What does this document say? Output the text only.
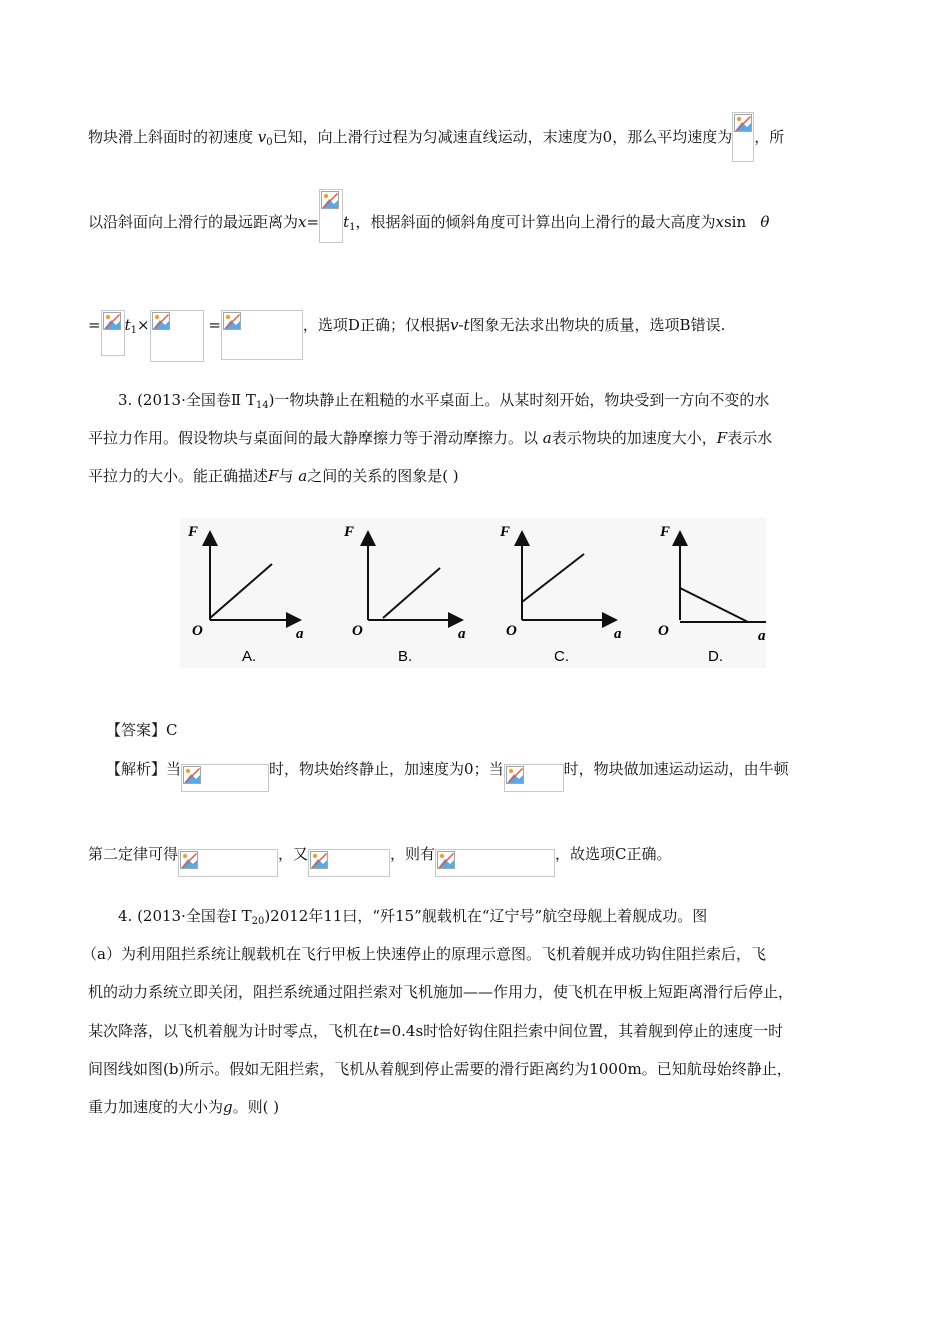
物块滑上斜面时的初速度 $v_0$已知，向上滑行过程为匀减速直线运动，末速度为0，那么平均速度为 ，所
以沿斜面向上滑行的最远距离为$x= t_1$，根据斜面的倾斜角度可计算出向上滑行的最大高度为xsin θ
= $t_1\times$	=	，选项D正确；仅根据v-t图象无法求出物块的质量，选项B错误.
3. (2013·全国卷Ⅱ $T_{14}$)一物块静止在粗糙的水平桌面上。从某时刻开始，物块受到一方向不变的水
平拉力作用。假设物块与桌面间的最大静摩擦力等于滑动摩擦力。以 a表示物块的加速度大小，F表示水
平拉力的大小。能正确描述F与 a之间的关系的图象是( )
F
O	a
A.
F
O	a
B.
F
O	a
C.
F
O	a
D.
【答案】C
【解析】当	时，物块始终静止，加速度为0；当	时，物块做加速运动运动，由牛顿
第二定律可得	，又	，则有	，故选项C正确。
4. (2013·全国卷Ⅰ $T_{20})2012$年11曰，“歼15”舰载机在“辽宁号”航空母舰上着舰成功。图
（a）为利用阻拦系统让舰载机在飞行甲板上快速停止的原理示意图。飞机着舰并成功钩住阻拦索后，飞
机的动力系统立即关闭，阻拦系统通过阻拦索对飞机施加——作用力，使飞机在甲板上短距离滑行后停止，
某次降落，以飞机着舰为计时零点，飞机在t=0.4s时恰好钩住阻拦索中间位置，其着舰到停止的速度一时
间图线如图(b)所示。假如无阻拦索，飞机从着舰到停止需要的滑行距离约为1000m。已知航母始终静止，
重力加速度的大小为g。则( )
